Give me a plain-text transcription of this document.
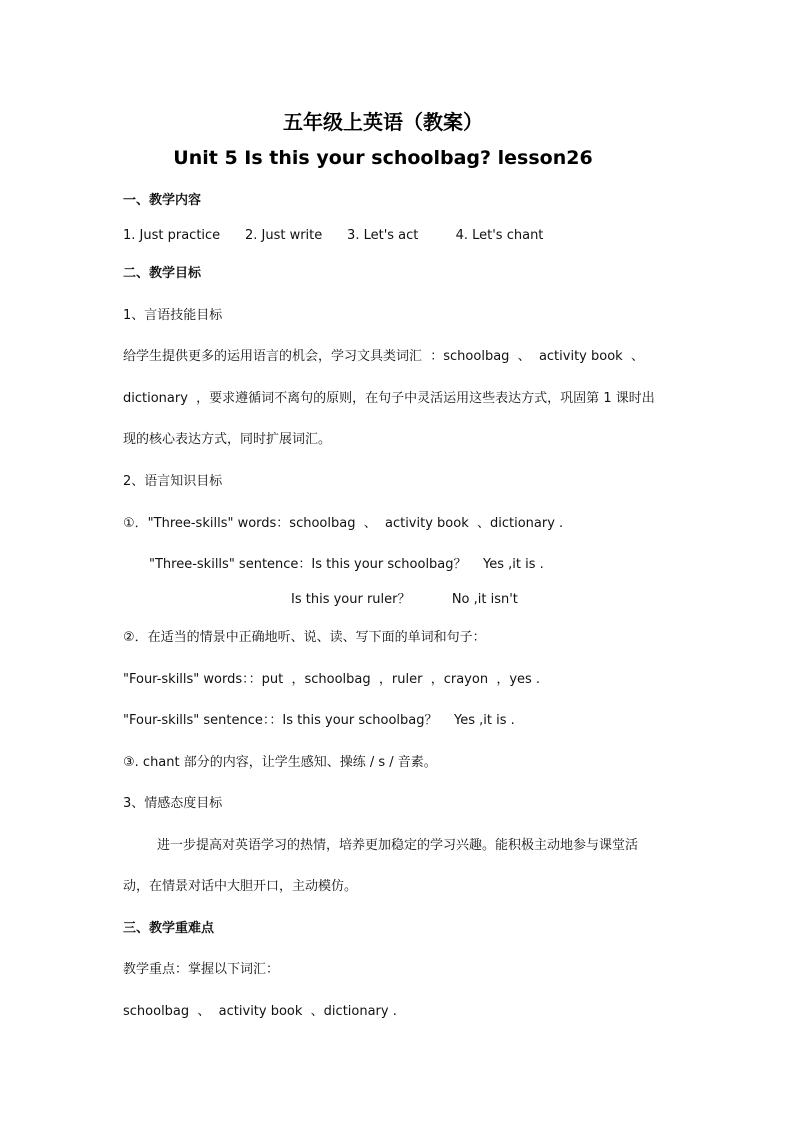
五年级上英语（教案）
Unit 5 Is this your schoolbag? lesson26
一、教学内容
1. Just practice      2. Just write      3. Let's act         4. Let's chant
二、教学目标
1、言语技能目标
给学生提供更多的运用语言的机会，学习文具类词汇  ：schoolbag  、  activity book  、
dictionary  ，要求遵循词不离句的原则，在句子中灵活运用这些表达方式，巩固第 1 课时出
现的核心表达方式，同时扩展词汇。
2、语言知识目标
①．"Three-skills" words：schoolbag  、  activity book  、dictionary .
"Three-skills" sentence：Is this your schoolbag？    Yes ,it is .
Is this your ruler？          No ,it isn't
②．在适当的情景中正确地听、说、读、写下面的单词和句子：
"Four-skills" words：：put  ，schoolbag  ，ruler  ，crayon  ，yes .
"Four-skills" sentence：：Is this your schoolbag？    Yes ,it is .
③. chant 部分的内容，让学生感知、操练 / s / 音素。
3、情感态度目标
进一步提高对英语学习的热情，培养更加稳定的学习兴趣。能积极主动地参与课堂活
动，在情景对话中大胆开口，主动模仿。
三、教学重难点
教学重点：掌握以下词汇：
schoolbag  、  activity book  、dictionary .
